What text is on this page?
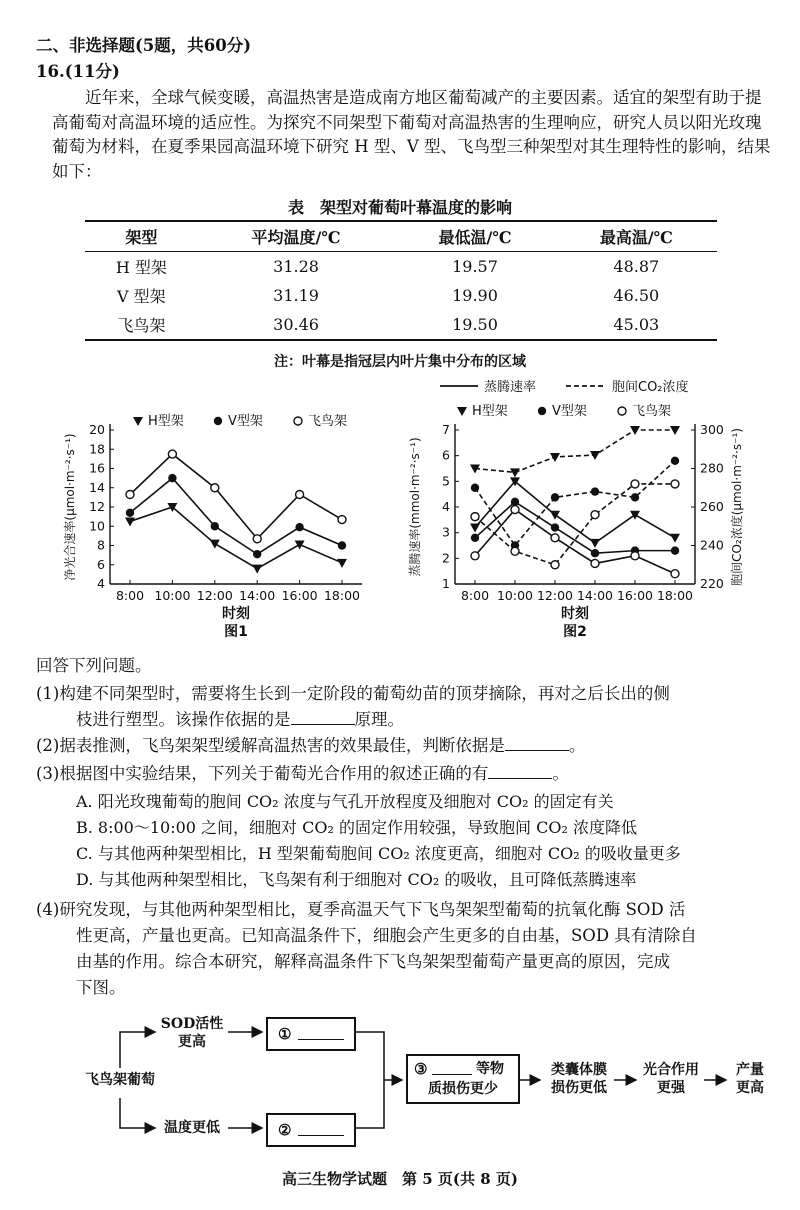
二、非选择题(5题，共60分)
16.(11分)
近年来，全球气候变暖，高温热害是造成南方地区葡萄减产的主要因素。适宜的架型有助于提高葡萄对高温环境的适应性。为探究不同架型下葡萄对高温热害的生理响应，研究人员以阳光玫瑰葡萄为材料，在夏季果园高温环境下研究 H 型、V 型、飞鸟型三种架型对其生理特性的影响，结果如下：
表　架型对葡萄叶幕温度的影响
架型	平均温度/℃	最低温/℃	最高温/℃
H 型架	31.28	19.57	48.87
V 型架	31.19	19.90	46.50
飞鸟架	30.46	19.50	45.03
注：叶幕是指冠层内叶片集中分布的区域
4
6
8
10
12
14
16
18
20
8:00 10:00 12:00 14:00 16:00 18:00
时刻
图1
净光合速率(μmol·m⁻²·s⁻¹)
H型架	V型架	飞鸟架
1
2
3
4
5
6
7
8:00 10:00 12:00 14:00 16:00 18:00
时刻
图2
蒸腾速率(mmol·m⁻²·s⁻¹)
220
240
260
280
300 胞间CO₂浓度(μmol·m⁻²·s⁻¹)
H型架	V型架	飞鸟架
蒸腾速率	胞间CO₂浓度
回答下列问题。
(1)构建不同架型时，需要将生长到一定阶段的葡萄幼苗的顶芽摘除，再对之后长出的侧
枝进行塑型。该操作依据的是	原理。
(2)据表推测，飞鸟架架型缓解高温热害的效果最佳，判断依据是	。
(3)根据图中实验结果，下列关于葡萄光合作用的叙述正确的有	。
A. 阳光玫瑰葡萄的胞间 CO₂ 浓度与气孔开放程度及细胞对 CO₂ 的固定有关
B. 8:00～10:00 之间，细胞对 CO₂ 的固定作用较强，导致胞间 CO₂ 浓度降低
C. 与其他两种架型相比，H 型架葡萄胞间 CO₂ 浓度更高，细胞对 CO₂ 的吸收量更多
D. 与其他两种架型相比，飞鸟架有利于细胞对 CO₂ 的吸收，且可降低蒸腾速率
(4)研究发现，与其他两种架型相比，夏季高温天气下飞鸟架架型葡萄的抗氧化酶 SOD 活
性更高，产量也更高。已知高温条件下，细胞会产生更多的自由基，SOD 具有清除自
由基的作用。综合本研究，解释高温条件下飞鸟架架型葡萄产量更高的原因，完成
下图。
飞鸟架葡萄
SOD活性
更高
温度更低
①
②
③	等物
质损伤更少
类囊体膜
损伤更低
光合作用
更强
产量
更高
高三生物学试题　第 5 页(共 8 页)
